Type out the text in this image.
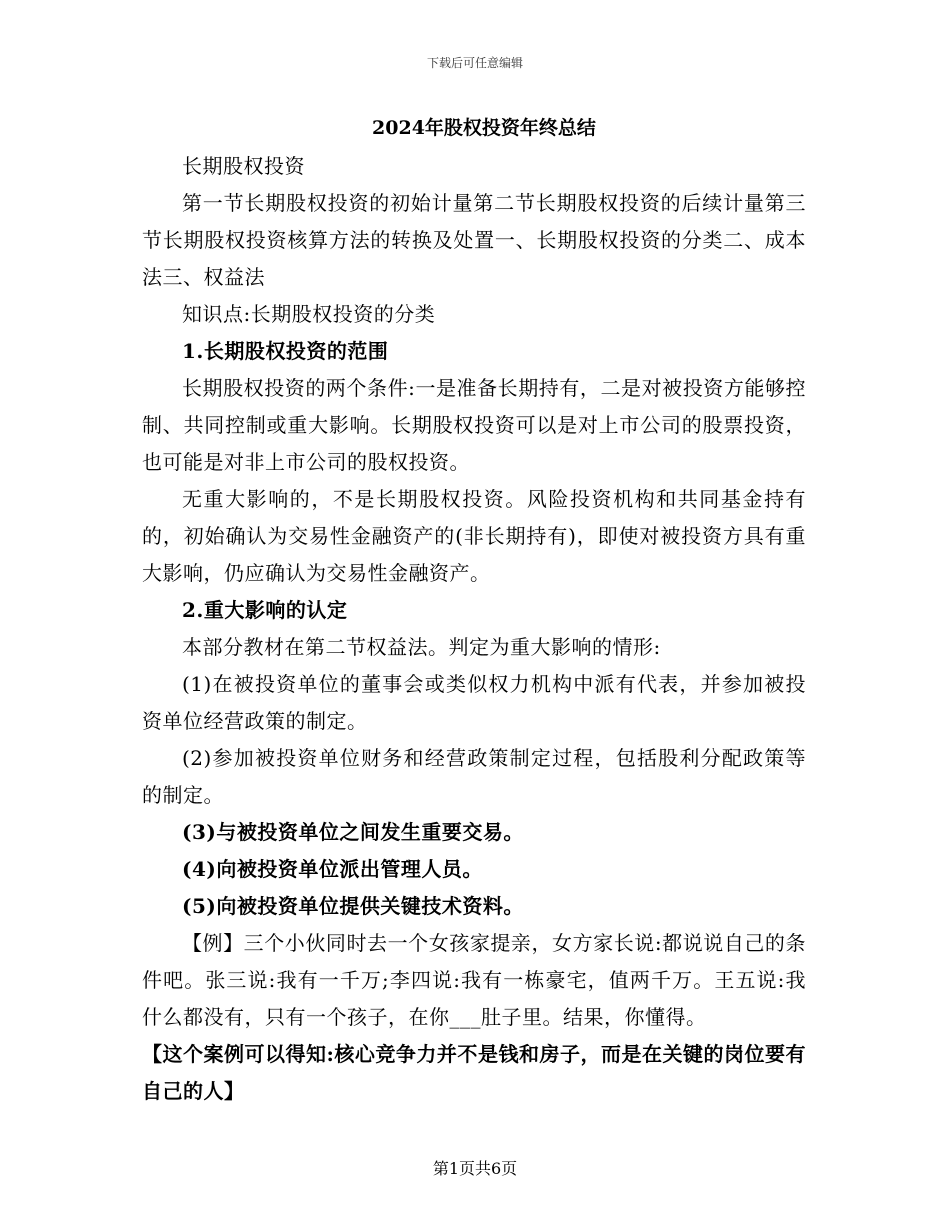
下载后可任意编辑
2024年股权投资年终总结

长期股权投资

第一节长期股权投资的初始计量第二节长期股权投资的后续计量第三节长期股权投资核算方法的转换及处置一、长期股权投资的分类二、成本法三、权益法

知识点:长期股权投资的分类

1.长期股权投资的范围

长期股权投资的两个条件:一是准备长期持有，二是对被投资方能够控制、共同控制或重大影响。长期股权投资可以是对上市公司的股票投资，也可能是对非上市公司的股权投资。

无重大影响的，不是长期股权投资。风险投资机构和共同基金持有的，初始确认为交易性金融资产的(非长期持有)，即使对被投资方具有重大影响，仍应确认为交易性金融资产。

2.重大影响的认定

本部分教材在第二节权益法。判定为重大影响的情形:

(1)在被投资单位的董事会或类似权力机构中派有代表，并参加被投资单位经营政策的制定。

(2)参加被投资单位财务和经营政策制定过程，包括股利分配政策等的制定。

(3)与被投资单位之间发生重要交易。

(4)向被投资单位派出管理人员。

(5)向被投资单位提供关键技术资料。

【例】三个小伙同时去一个女孩家提亲，女方家长说:都说说自己的条件吧。张三说:我有一千万;李四说:我有一栋豪宅，值两千万。王五说:我什么都没有，只有一个孩子，在你___肚子里。结果，你懂得。

【这个案例可以得知:核心竞争力并不是钱和房子，而是在关键的岗位要有自己的人】

第1页共6页
